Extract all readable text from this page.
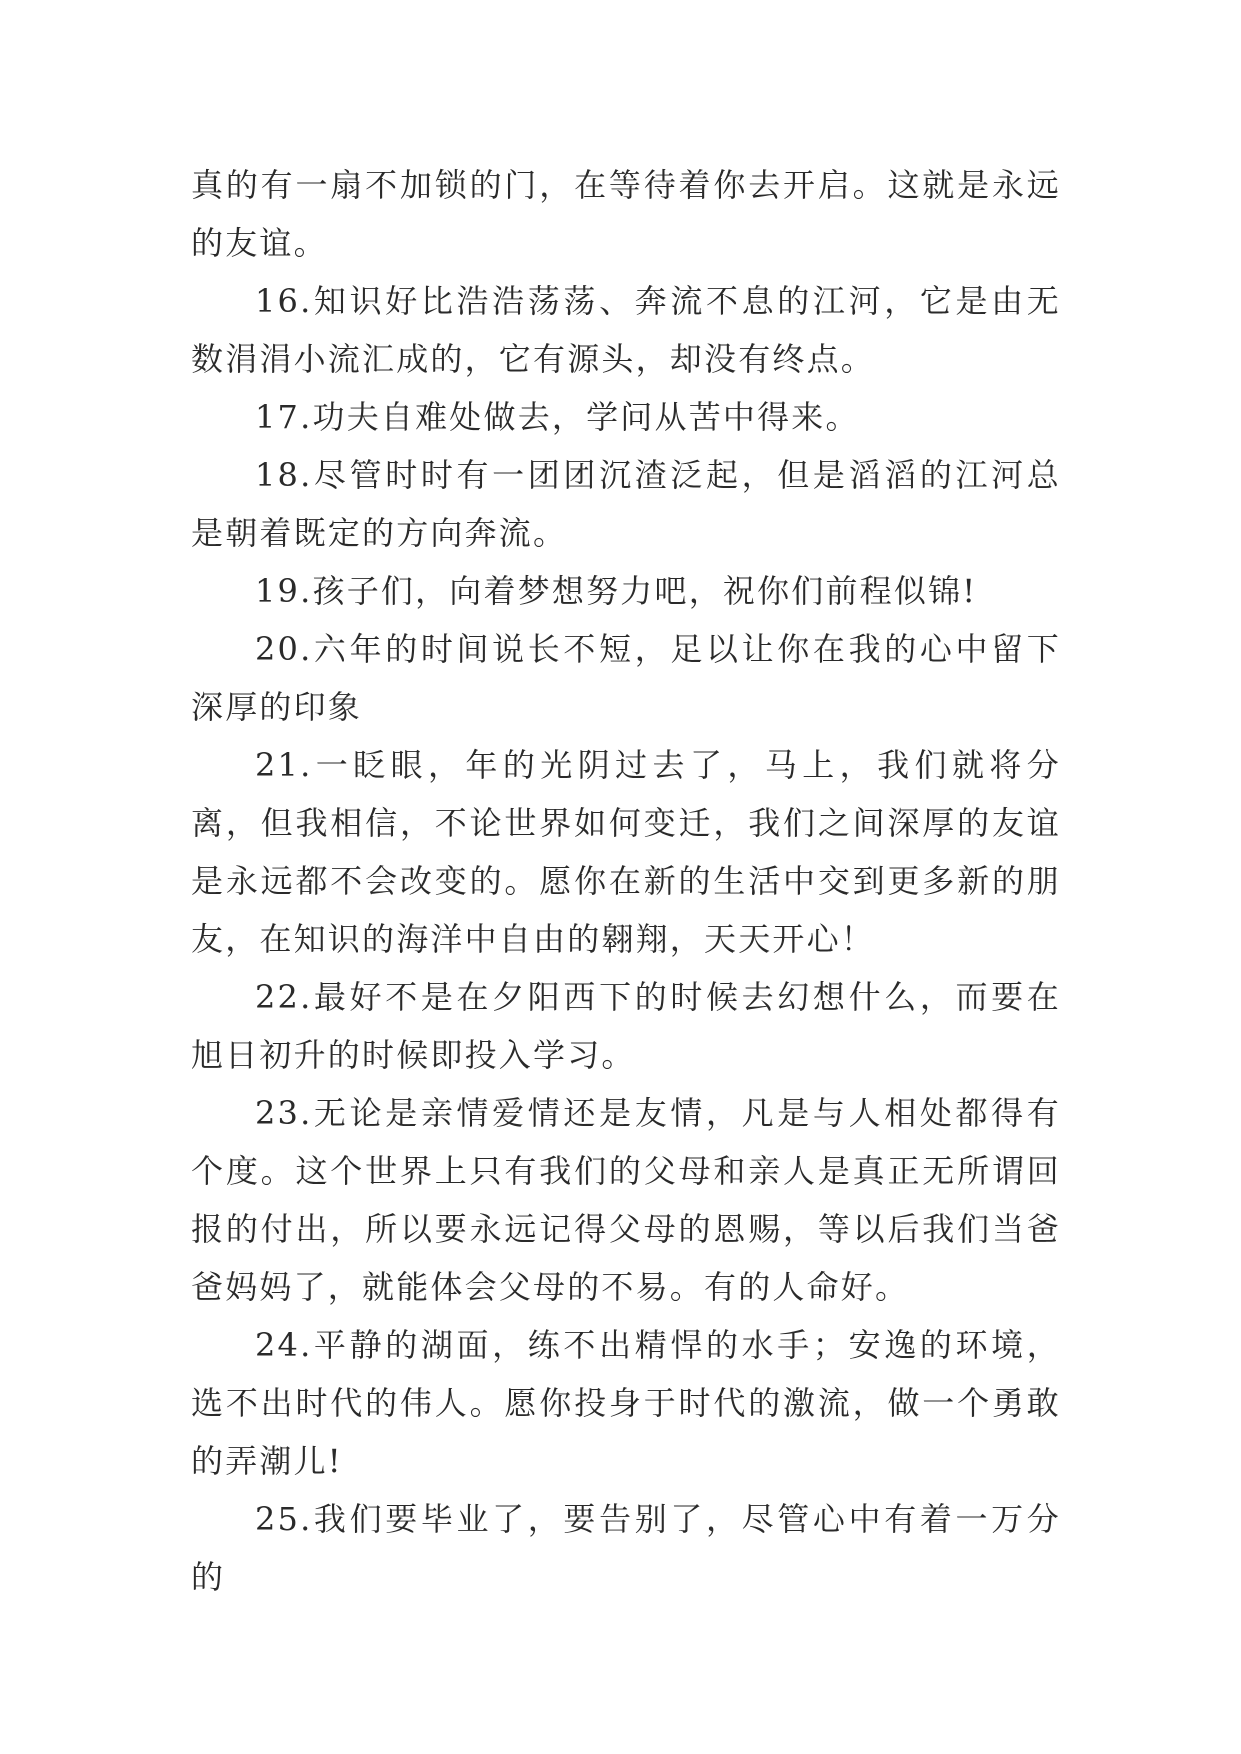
真的有一扇不加锁的门，在等待着你去开启。这就是永远的友谊。

16.知识好比浩浩荡荡、奔流不息的江河，它是由无数涓涓小流汇成的，它有源头，却没有终点。

17.功夫自难处做去，学问从苦中得来。

18.尽管时时有一团团沉渣泛起，但是滔滔的江河总是朝着既定的方向奔流。

19.孩子们，向着梦想努力吧，祝你们前程似锦!

20.六年的时间说长不短，足以让你在我的心中留下深厚的印象

21.一眨眼，年的光阴过去了，马上，我们就将分离，但我相信，不论世界如何变迁，我们之间深厚的友谊是永远都不会改变的。愿你在新的生活中交到更多新的朋友，在知识的海洋中自由的翱翔，天天开心！

22.最好不是在夕阳西下的时候去幻想什么，而要在旭日初升的时候即投入学习。

23.无论是亲情爱情还是友情，凡是与人相处都得有个度。这个世界上只有我们的父母和亲人是真正无所谓回报的付出，所以要永远记得父母的恩赐，等以后我们当爸爸妈妈了，就能体会父母的不易。有的人命好。

24.平静的湖面，练不出精悍的水手；安逸的环境，选不出时代的伟人。愿你投身于时代的激流，做一个勇敢的弄潮儿!

25.我们要毕业了，要告别了，尽管心中有着一万分的
